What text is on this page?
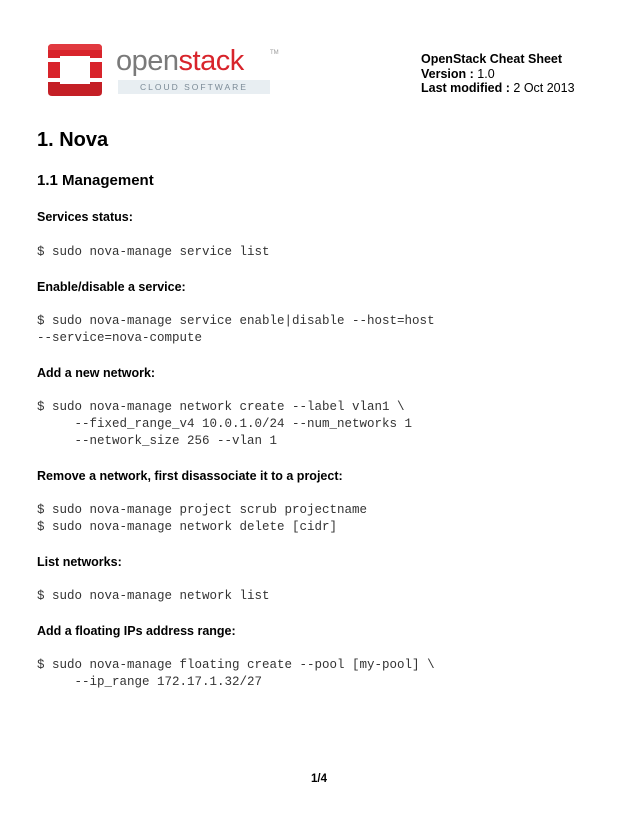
openstack	TM
CLOUD SOFTWARE
OpenStack Cheat Sheet
Version : 1.0
Last modified : 2 Oct 2013
1. Nova
1.1 Management
Services status:
$ sudo nova-manage service list
Enable/disable a service:
$ sudo nova-manage service enable|disable --host=host
--service=nova-compute
Add a new network:
$ sudo nova-manage network create --label vlan1 \
--fixed_range_v4 10.0.1.0/24 --num_networks 1
--network_size 256 --vlan 1
Remove a network, first disassociate it to a project:
$ sudo nova-manage project scrub projectname
$ sudo nova-manage network delete [cidr]
List networks:
$ sudo nova-manage network list
Add a floating IPs address range:
$ sudo nova-manage floating create --pool [my-pool] \
--ip_range 172.17.1.32/27
1/4
